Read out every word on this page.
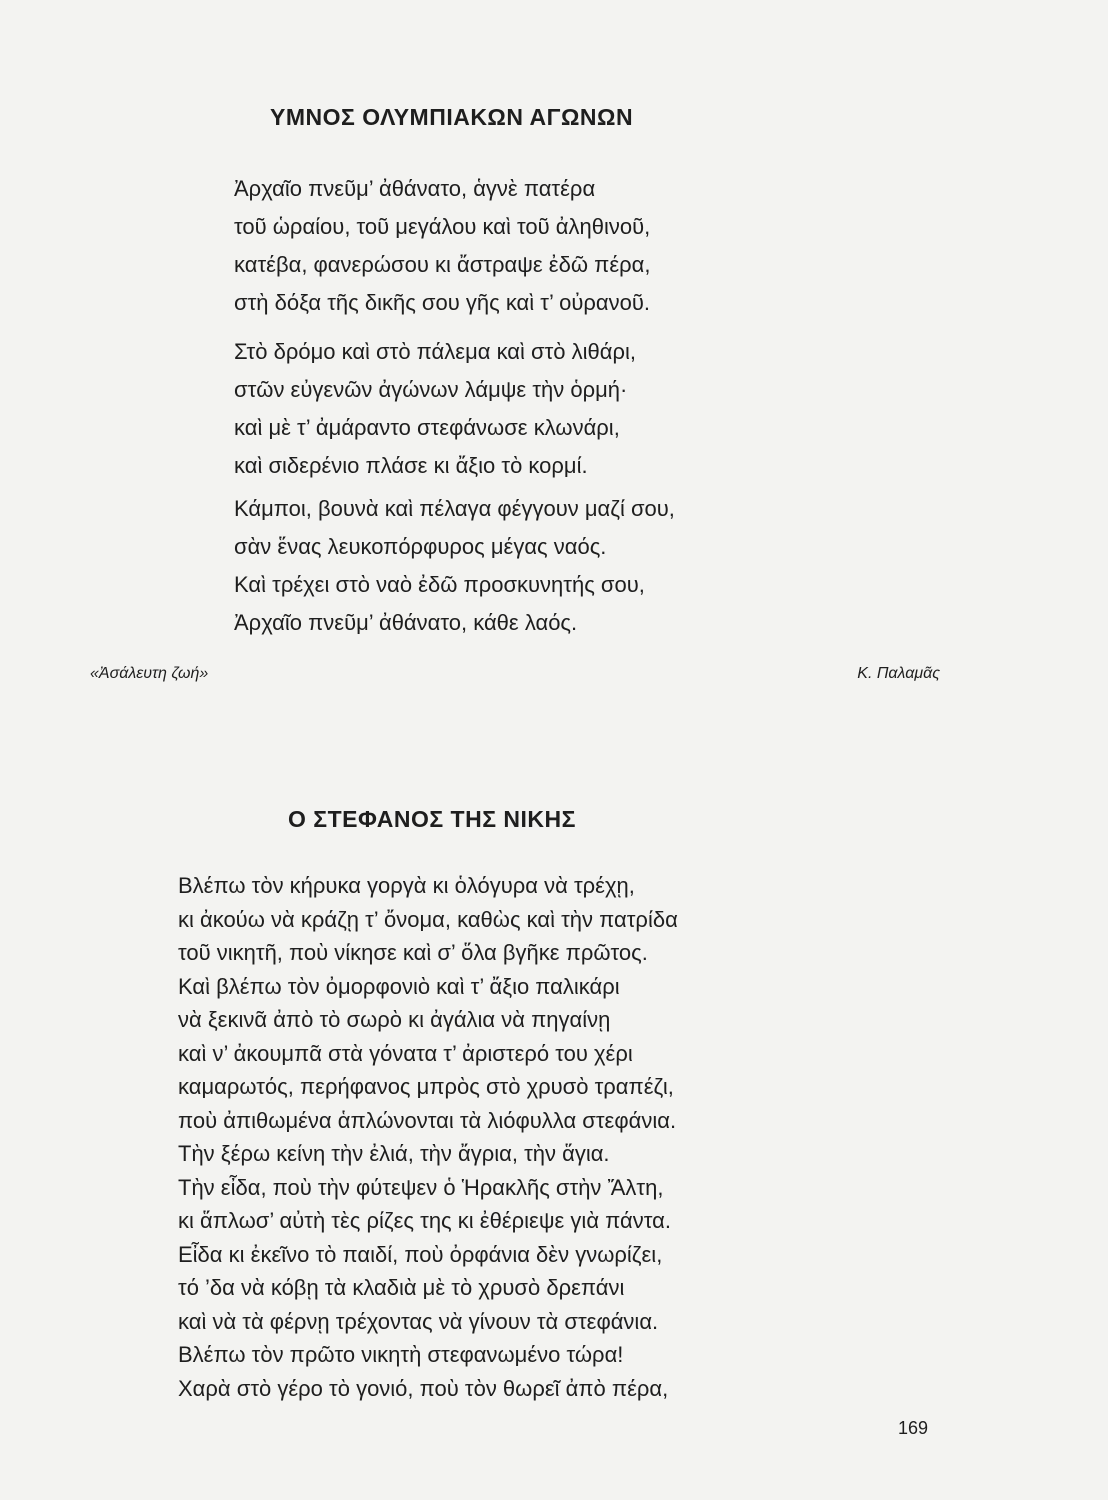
ΥΜΝΟΣ ΟΛΥΜΠΙΑΚΩΝ ΑΓΩΝΩΝ
Ἀρχαῖο πνεῦμ’ ἀθάνατο, ἁγνὲ πατέρα
τοῦ ὡραίου, τοῦ μεγάλου καὶ τοῦ ἀληθινοῦ,
κατέβα, φανερώσου κι ἄστραψε ἐδῶ πέρα,
στὴ δόξα τῆς δικῆς σου γῆς καὶ τ’ οὐρανοῦ.
Στὸ δρόμο καὶ στὸ πάλεμα καὶ στὸ λιθάρι,
στῶν εὐγενῶν ἀγώνων λάμψε τὴν ὁρμή·
καὶ μὲ τ’ ἀμάραντο στεφάνωσε κλωνάρι,
καὶ σιδερένιο πλάσε κι ἄξιο τὸ κορμί.
Κάμποι, βουνὰ καὶ πέλαγα φέγγουν μαζί σου,
σὰν ἕνας λευκοπόρφυρος μέγας ναός.
Καὶ τρέχει στὸ ναὸ ἐδῶ προσκυνητής σου,
Ἀρχαῖο πνεῦμ’ ἀθάνατο, κάθε λαός.
«Ἀσάλευτη ζωή»	Κ. Παλαμᾶς
Ο ΣΤΕΦΑΝΟΣ ΤΗΣ ΝΙΚΗΣ
Βλέπω τὸν κήρυκα γοργὰ κι ὁλόγυρα νὰ τρέχῃ,
κι ἀκούω νὰ κράζῃ τ’ ὄνομα, καθὼς καὶ τὴν πατρίδα
τοῦ νικητῆ, ποὺ νίκησε καὶ σ’ ὅλα βγῆκε πρῶτος.
Καὶ βλέπω τὸν ὀμορφονιὸ καὶ τ’ ἄξιο παλικάρι
νὰ ξεκινᾶ ἀπὸ τὸ σωρὸ κι ἀγάλια νὰ πηγαίνῃ
καὶ ν’ ἀκουμπᾶ στὰ γόνατα τ’ ἀριστερό του χέρι
καμαρωτός, περήφανος μπρὸς στὸ χρυσὸ τραπέζι,
ποὺ ἀπιθωμένα ἁπλώνονται τὰ λιόφυλλα στεφάνια.
Τὴν ξέρω κείνη τὴν ἐλιά, τὴν ἄγρια, τὴν ἅγια.
Τὴν εἶδα, ποὺ τὴν φύτεψεν ὁ Ἡρακλῆς στὴν Ἄλτη,
κι ἅπλωσ’ αὐτὴ τὲς ρίζες της κι ἐθέριεψε γιὰ πάντα.
Εἶδα κι ἐκεῖνο τὸ παιδί, ποὺ ὀρφάνια δὲν γνωρίζει,
τό ’δα νὰ κόβῃ τὰ κλαδιὰ μὲ τὸ χρυσὸ δρεπάνι
καὶ νὰ τὰ φέρνῃ τρέχοντας νὰ γίνουν τὰ στεφάνια.
Βλέπω τὸν πρῶτο νικητὴ στεφανωμένο τώρα!
Χαρὰ στὸ γέρο τὸ γονιό, ποὺ τὸν θωρεῖ ἀπὸ πέρα,
169
